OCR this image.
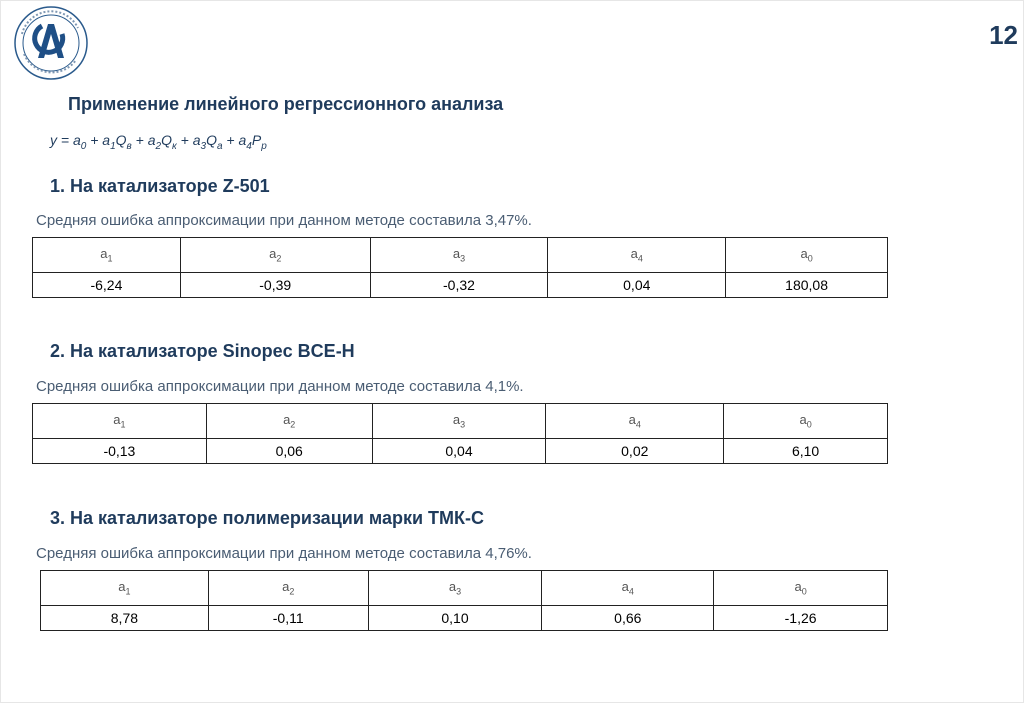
12
Применение линейного регрессионного анализа
$y = a_0 + a_1Q_в + a_2Q_к + a_3Q_а + a_4P_р$
1. На катализаторе Z-501
Средняя ошибка аппроксимации при данном методе составила 3,47%.
$a_1$	$a_2$	$a_3$	$a_4$	$a_0$
-6,24	-0,39	-0,32	0,04	180,08
2. На катализаторе Sinopec BCE-H
Средняя ошибка аппроксимации при данном методе составила 4,1%.
$a_1$	$a_2$	$a_3$	$a_4$	$a_0$
-0,13	0,06	0,04	0,02	6,10
3. На катализаторе полимеризации марки ТМК-С
Средняя ошибка аппроксимации при данном методе составила 4,76%.
$a_1$	$a_2$	$a_3$	$a_4$	$a_0$
8,78	-0,11	0,10	0,66	-1,26
